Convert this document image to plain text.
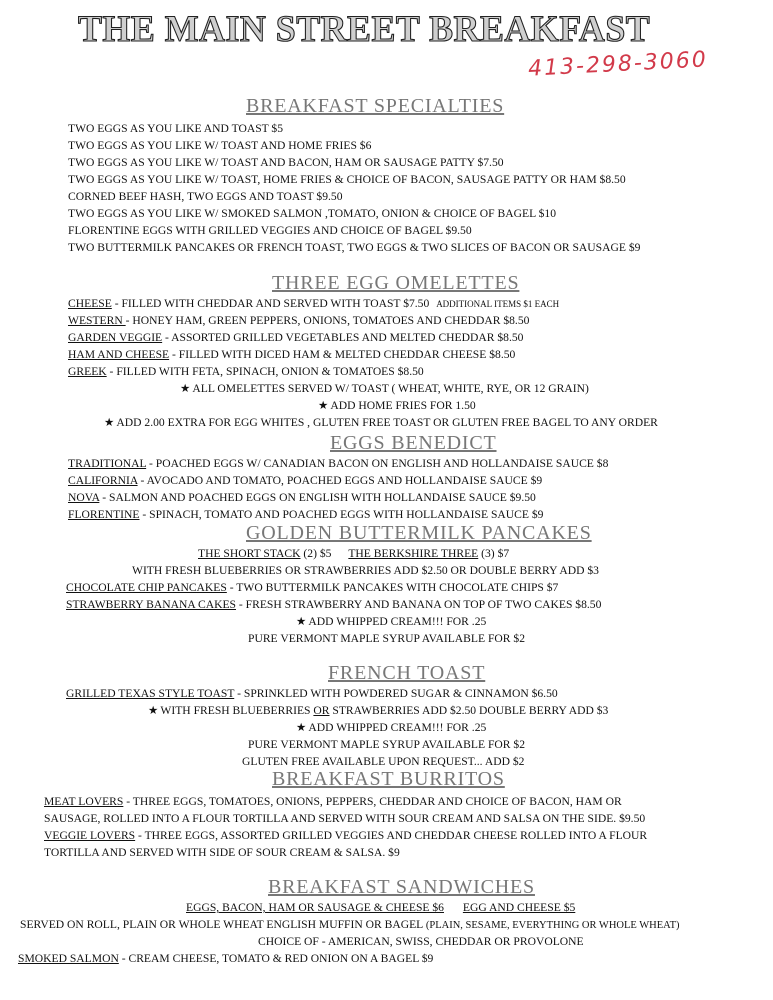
THE MAIN STREET BREAKFAST
413-298-3060
BREAKFAST SPECIALTIES
TWO EGGS AS YOU LIKE AND TOAST $5
TWO EGGS AS YOU LIKE W/ TOAST AND HOME FRIES $6
TWO EGGS AS YOU LIKE W/ TOAST AND BACON, HAM OR SAUSAGE PATTY $7.50
TWO EGGS AS YOU LIKE W/ TOAST, HOME FRIES & CHOICE OF BACON, SAUSAGE PATTY OR HAM $8.50
CORNED BEEF HASH, TWO EGGS AND TOAST $9.50
TWO EGGS AS YOU LIKE W/ SMOKED SALMON ,TOMATO, ONION & CHOICE OF BAGEL $10
FLORENTINE EGGS WITH GRILLED VEGGIES AND CHOICE OF BAGEL $9.50
TWO BUTTERMILK PANCAKES OR FRENCH TOAST, TWO EGGS & TWO SLICES OF BACON OR SAUSAGE $9
THREE EGG OMELETTES
CHEESE - FILLED WITH CHEDDAR AND SERVED WITH TOAST $7.50 ADDITIONAL ITEMS $1 EACH
WESTERN - HONEY HAM, GREEN PEPPERS, ONIONS, TOMATOES AND CHEDDAR $8.50
GARDEN VEGGIE - ASSORTED GRILLED VEGETABLES AND MELTED CHEDDAR $8.50
HAM AND CHEESE - FILLED WITH DICED HAM & MELTED CHEDDAR CHEESE $8.50
GREEK - FILLED WITH FETA, SPINACH, ONION & TOMATOES $8.50
★ ALL OMELETTES SERVED W/ TOAST ( WHEAT, WHITE, RYE, OR 12 GRAIN)
★ ADD HOME FRIES FOR 1.50
★ ADD 2.00 EXTRA FOR EGG WHITES , GLUTEN FREE TOAST OR GLUTEN FREE BAGEL TO ANY ORDER
EGGS BENEDICT
TRADITIONAL - POACHED EGGS W/ CANADIAN BACON ON ENGLISH AND HOLLANDAISE SAUCE $8
CALIFORNIA - AVOCADO AND TOMATO, POACHED EGGS AND HOLLANDAISE SAUCE $9
NOVA - SALMON AND POACHED EGGS ON ENGLISH WITH HOLLANDAISE SAUCE $9.50
FLORENTINE - SPINACH, TOMATO AND POACHED EGGS WITH HOLLANDAISE SAUCE $9
GOLDEN BUTTERMILK PANCAKES
THE SHORT STACK (2) $5 THE BERKSHIRE THREE (3) $7
WITH FRESH BLUEBERRIES OR STRAWBERRIES ADD $2.50 OR DOUBLE BERRY ADD $3
CHOCOLATE CHIP PANCAKES - TWO BUTTERMILK PANCAKES WITH CHOCOLATE CHIPS $7
STRAWBERRY BANANA CAKES - FRESH STRAWBERRY AND BANANA ON TOP OF TWO CAKES $8.50
★ ADD WHIPPED CREAM!!! FOR .25
PURE VERMONT MAPLE SYRUP AVAILABLE FOR $2
FRENCH TOAST
GRILLED TEXAS STYLE TOAST - SPRINKLED WITH POWDERED SUGAR & CINNAMON $6.50
★ WITH FRESH BLUEBERRIES OR STRAWBERRIES ADD $2.50 DOUBLE BERRY ADD $3
★ ADD WHIPPED CREAM!!! FOR .25
PURE VERMONT MAPLE SYRUP AVAILABLE FOR $2
GLUTEN FREE AVAILABLE UPON REQUEST... ADD $2
BREAKFAST BURRITOS
MEAT LOVERS - THREE EGGS, TOMATOES, ONIONS, PEPPERS, CHEDDAR AND CHOICE OF BACON, HAM OR
SAUSAGE, ROLLED INTO A FLOUR TORTILLA AND SERVED WITH SOUR CREAM AND SALSA ON THE SIDE. $9.50
VEGGIE LOVERS - THREE EGGS, ASSORTED GRILLED VEGGIES AND CHEDDAR CHEESE ROLLED INTO A FLOUR
TORTILLA AND SERVED WITH SIDE OF SOUR CREAM & SALSA. $9
BREAKFAST SANDWICHES
EGGS, BACON, HAM OR SAUSAGE & CHEESE $6 EGG AND CHEESE $5
SERVED ON ROLL, PLAIN OR WHOLE WHEAT ENGLISH MUFFIN OR BAGEL (PLAIN, SESAME, EVERYTHING OR WHOLE WHEAT)
CHOICE OF - AMERICAN, SWISS, CHEDDAR OR PROVOLONE
SMOKED SALMON - CREAM CHEESE, TOMATO & RED ONION ON A BAGEL $9
